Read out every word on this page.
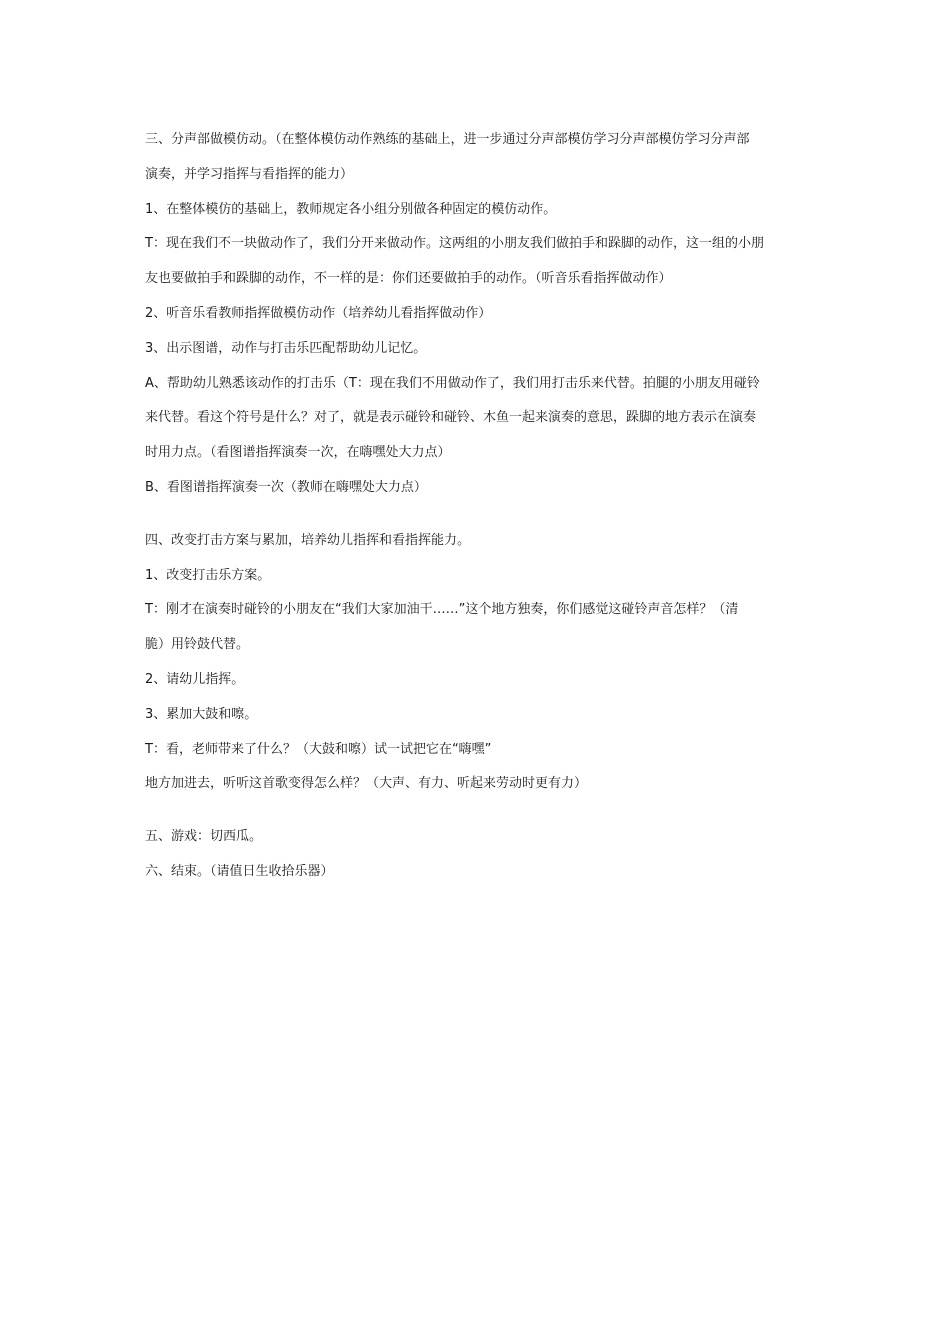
三、分声部做模仿动。（在整体模仿动作熟练的基础上，进一步通过分声部模仿学习分声部模仿学习分声部

演奏，并学习指挥与看指挥的能力）

1、在整体模仿的基础上，教师规定各小组分别做各种固定的模仿动作。

T：现在我们不一块做动作了，我们分开来做动作。这两组的小朋友我们做拍手和跺脚的动作，这一组的小朋

友也要做拍手和跺脚的动作，不一样的是：你们还要做拍手的动作。（听音乐看指挥做动作）

2、听音乐看教师指挥做模仿动作（培养幼儿看指挥做动作）

3、出示图谱，动作与打击乐匹配帮助幼儿记忆。

A、帮助幼儿熟悉该动作的打击乐（T：现在我们不用做动作了，我们用打击乐来代替。拍腿的小朋友用碰铃

来代替。看这个符号是什么？对了，就是表示碰铃和碰铃、木鱼一起来演奏的意思，跺脚的地方表示在演奏

时用力点。（看图谱指挥演奏一次，在嗨嘿处大力点）

B、看图谱指挥演奏一次（教师在嗨嘿处大力点）

四、改变打击方案与累加，培养幼儿指挥和看指挥能力。

1、改变打击乐方案。

T：刚才在演奏时碰铃的小朋友在“我们大家加油干……”这个地方独奏，你们感觉这碰铃声音怎样？（清

脆）用铃鼓代替。

2、请幼儿指挥。

3、累加大鼓和嚓。

T：看，老师带来了什么？（大鼓和嚓）试一试把它在“嗨嘿”

地方加进去，听听这首歌变得怎么样？（大声、有力、听起来劳动时更有力）

五、游戏：切西瓜。

六、结束。（请值日生收拾乐器）
